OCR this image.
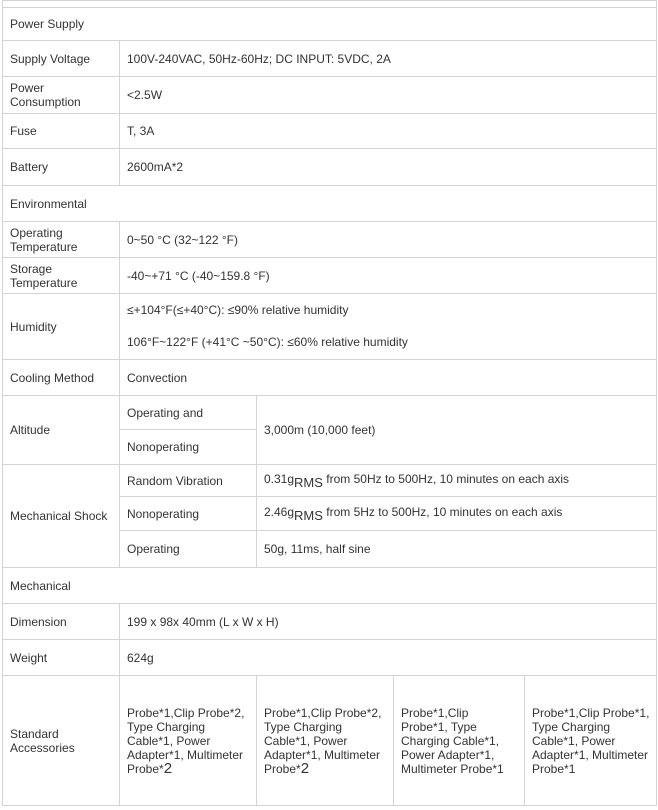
Power Supply				
Supply Voltage	100V-240VAC, 50Hz-60Hz; DC INPUT: 5VDC, 2A			

Power
Consumption	<2.5W			
Fuse	T, 3A			
Battery	2600mA*2			
Environmental				

Operating
Temperature	0~50 °C (32~122 °F)			

Storage
Temperature	-40~+71 °C (-40~159.8 °F)			
Humidity	≤+104°F(≤+40°C): ≤90% relative humidity			
	106°F~122°F (+41°C ~50°C): ≤60% relative humidity			
Cooling Method	Convection			
Altitude	Operating and	3,000m (10,000 feet)		
	Nonoperating			
Mechanical Shock	Random Vibration	0.31gRMS from 50Hz to 500Hz, 10 minutes on each axis		
	Nonoperating	2.46gRMS from 5Hz to 500Hz, 10 minutes on each axis		
	Operating	50g, 11ms, half sine		
Mechanical				
Dimension	199 x 98x 40mm (L x W x H)			
Weight	624g			

Standard
Accessories	Probe*1,Clip Probe*2, Type Charging Cable*1, Power Adapter*1, Multimeter Probe*2	Probe*1,Clip Probe*2, Type Charging Cable*1, Power Adapter*1, Multimeter Probe*2	Probe*1,Clip Probe*1, Type Charging Cable*1, Power Adapter*1, Multimeter Probe*1	Probe*1,Clip Probe*1, Type Charging Cable*1, Power Adapter*1, Multimeter Probe*1
